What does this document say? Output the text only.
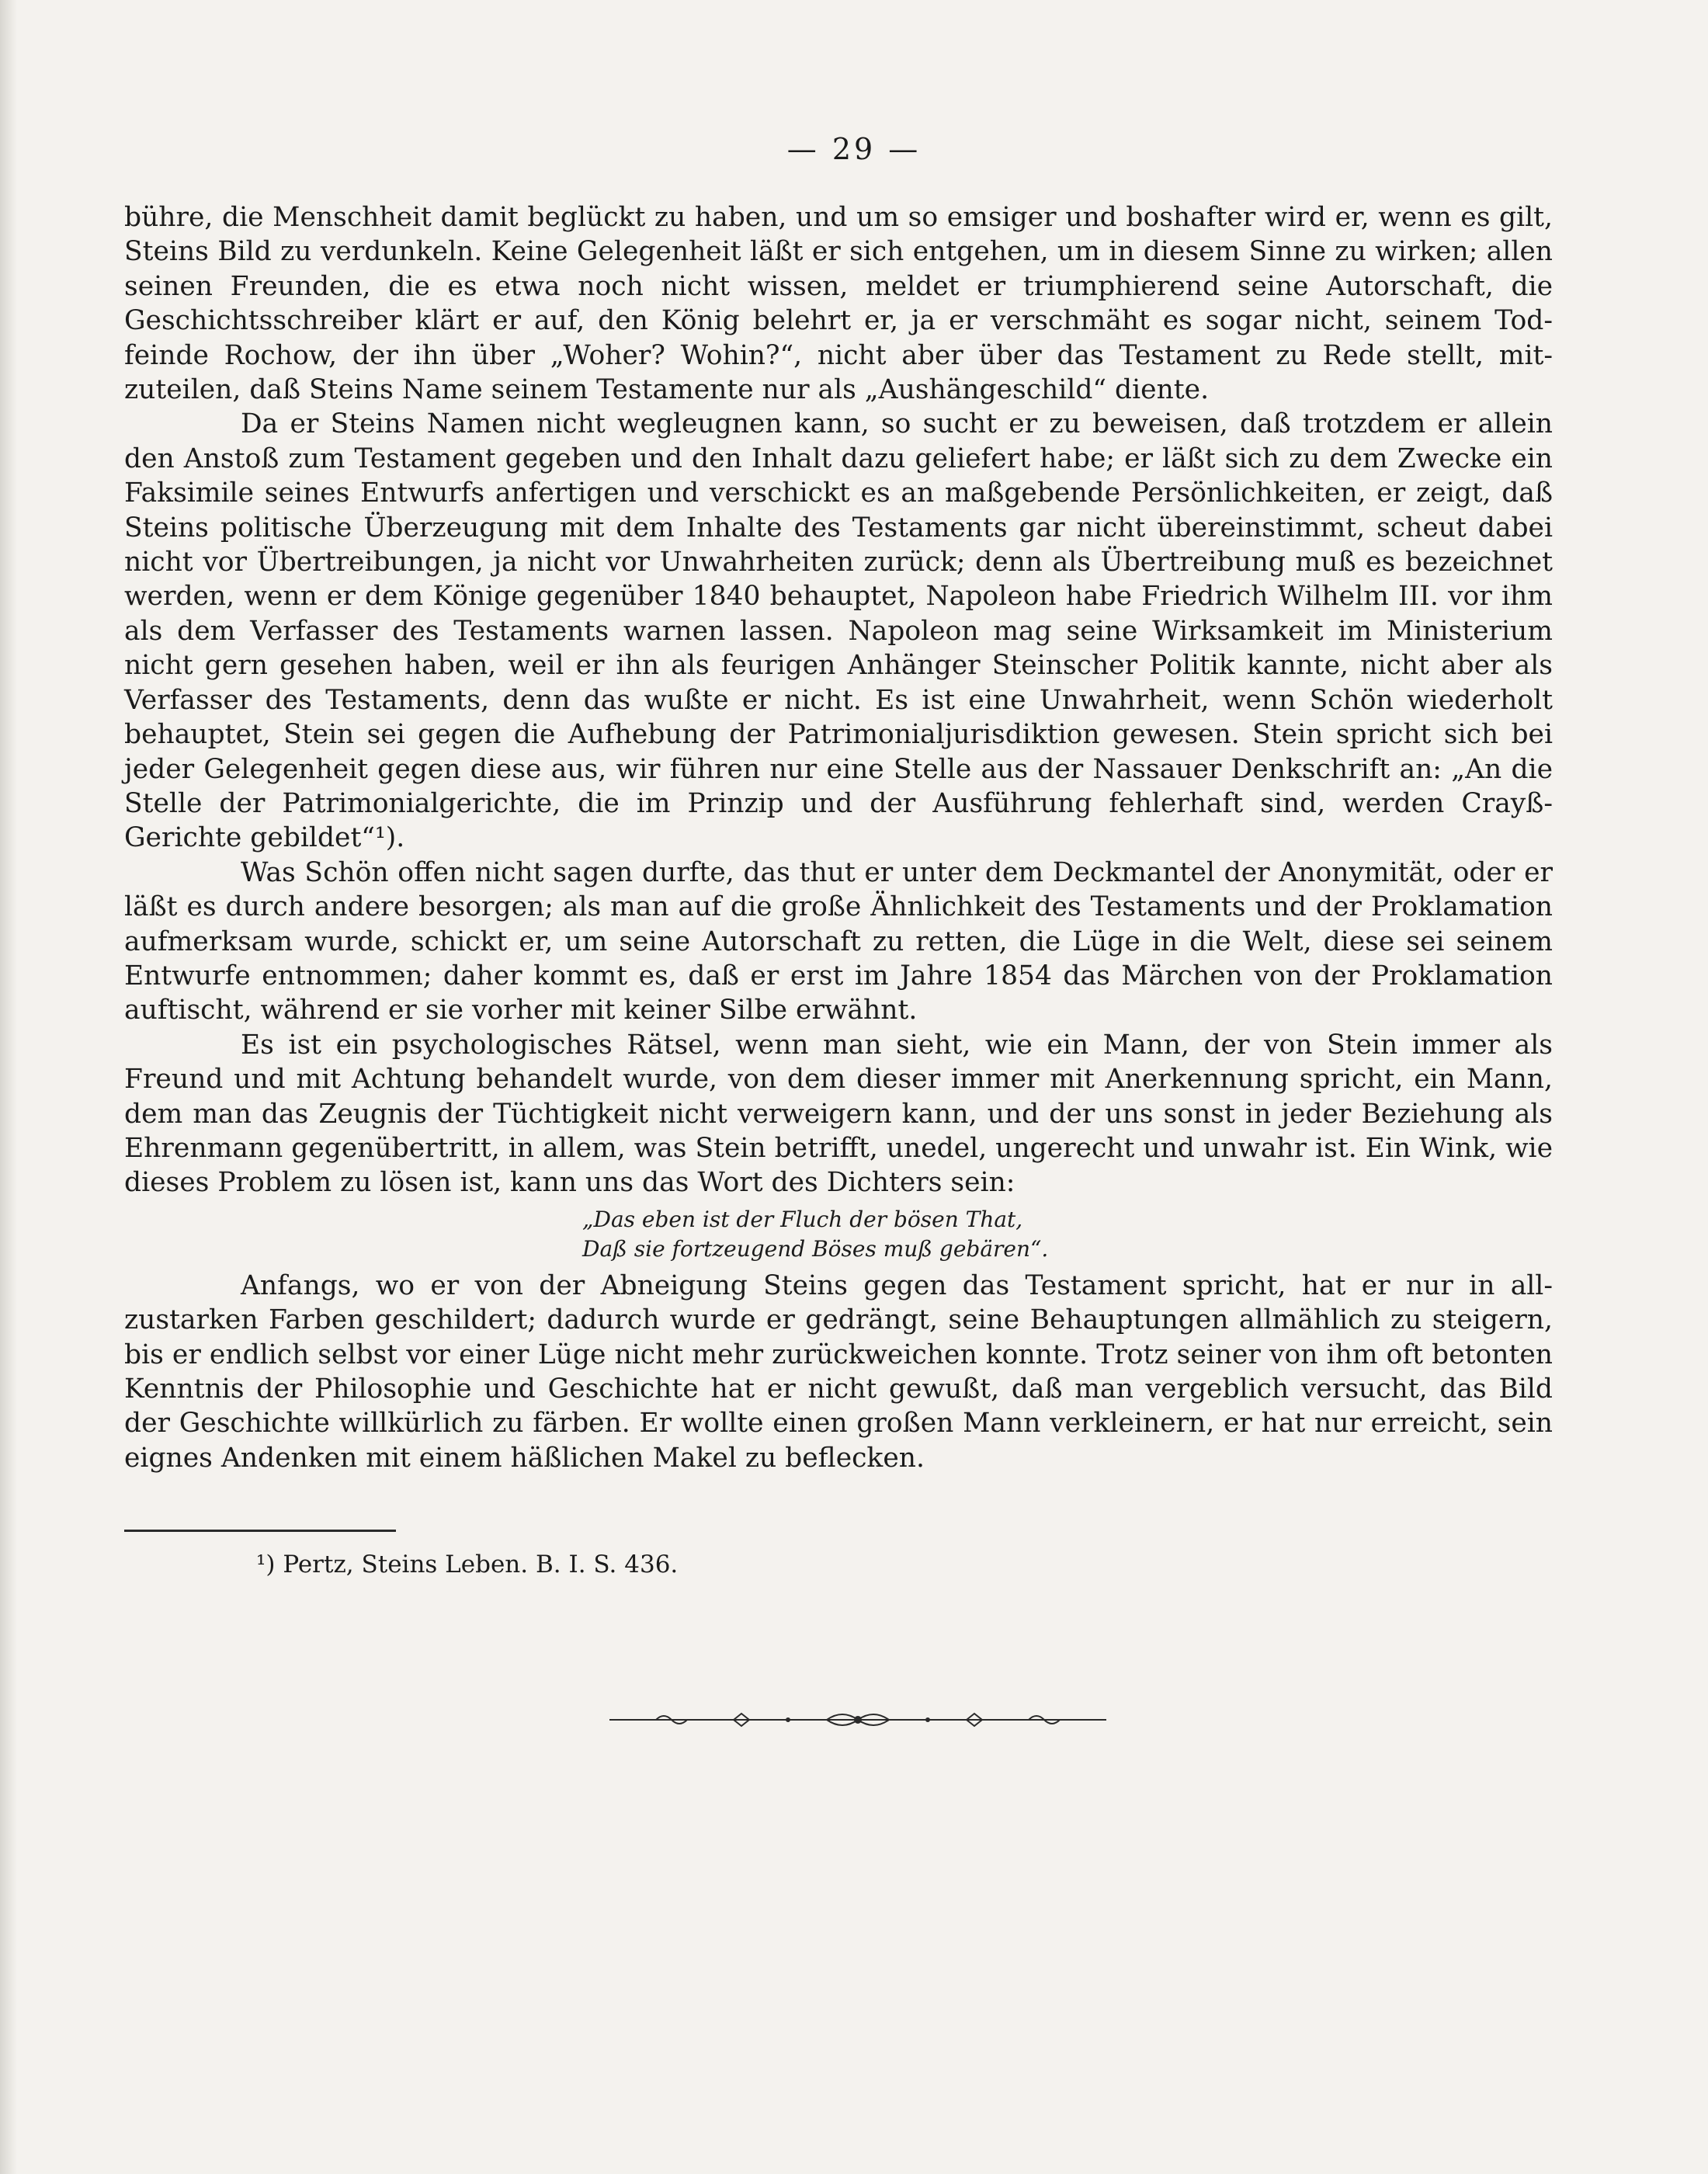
— 29 —

bühre, die Menschheit damit beglückt zu haben, und um so emsiger und boshafter wird er, wenn es gilt, Steins Bild zu verdunkeln. Keine Gelegenheit läßt er sich entgehen, um in diesem Sinne zu wirken; allen seinen Freunden, die es etwa noch nicht wissen, meldet er triumphierend seine Autorschaft, die Geschichtsschreiber klärt er auf, den König belehrt er, ja er verschmäht es sogar nicht, seinem Tod-feinde Rochow, der ihn über „Woher? Wohin?“, nicht aber über das Testament zu Rede stellt, mit-zuteilen, daß Steins Name seinem Testamente nur als „Aushängeschild“ diente.

Da er Steins Namen nicht wegleugnen kann, so sucht er zu beweisen, daß trotzdem er allein den Anstoß zum Testament gegeben und den Inhalt dazu geliefert habe; er läßt sich zu dem Zwecke ein Faksimile seines Entwurfs anfertigen und verschickt es an maßgebende Persönlichkeiten, er zeigt, daß Steins politische Überzeugung mit dem Inhalte des Testaments gar nicht übereinstimmt, scheut dabei nicht vor Übertreibungen, ja nicht vor Unwahrheiten zurück; denn als Übertreibung muß es bezeichnet werden, wenn er dem Könige gegenüber 1840 behauptet, Napoleon habe Friedrich Wilhelm III. vor ihm als dem Verfasser des Testaments warnen lassen. Napoleon mag seine Wirksamkeit im Ministerium nicht gern gesehen haben, weil er ihn als feurigen Anhänger Steinscher Politik kannte, nicht aber als Verfasser des Testaments, denn das wußte er nicht. Es ist eine Unwahrheit, wenn Schön wiederholt behauptet, Stein sei gegen die Aufhebung der Patrimonialjurisdiktion gewesen. Stein spricht sich bei jeder Gelegenheit gegen diese aus, wir führen nur eine Stelle aus der Nassauer Denkschrift an: „An die Stelle der Patrimonialgerichte, die im Prinzip und der Ausführung fehlerhaft sind, werden Crayß-Gerichte gebildet“¹).

Was Schön offen nicht sagen durfte, das thut er unter dem Deckmantel der Anonymität, oder er läßt es durch andere besorgen; als man auf die große Ähnlichkeit des Testaments und der Proklamation aufmerksam wurde, schickt er, um seine Autorschaft zu retten, die Lüge in die Welt, diese sei seinem Entwurfe entnommen; daher kommt es, daß er erst im Jahre 1854 das Märchen von der Proklamation auftischt, während er sie vorher mit keiner Silbe erwähnt.

Es ist ein psychologisches Rätsel, wenn man sieht, wie ein Mann, der von Stein immer als Freund und mit Achtung behandelt wurde, von dem dieser immer mit Anerkennung spricht, ein Mann, dem man das Zeugnis der Tüchtigkeit nicht verweigern kann, und der uns sonst in jeder Beziehung als Ehrenmann gegenübertritt, in allem, was Stein betrifft, unedel, ungerecht und unwahr ist. Ein Wink, wie dieses Problem zu lösen ist, kann uns das Wort des Dichters sein:

„Das eben ist der Fluch der bösen That,
Daß sie fortzeugend Böses muß gebären“.

Anfangs, wo er von der Abneigung Steins gegen das Testament spricht, hat er nur in all-zustarken Farben geschildert; dadurch wurde er gedrängt, seine Behauptungen allmählich zu steigern, bis er endlich selbst vor einer Lüge nicht mehr zurückweichen konnte. Trotz seiner von ihm oft betonten Kenntnis der Philosophie und Geschichte hat er nicht gewußt, daß man vergeblich versucht, das Bild der Geschichte willkürlich zu färben. Er wollte einen großen Mann verkleinern, er hat nur erreicht, sein eignes Andenken mit einem häßlichen Makel zu beflecken.

¹) Pertz, Steins Leben. B. I. S. 436.
